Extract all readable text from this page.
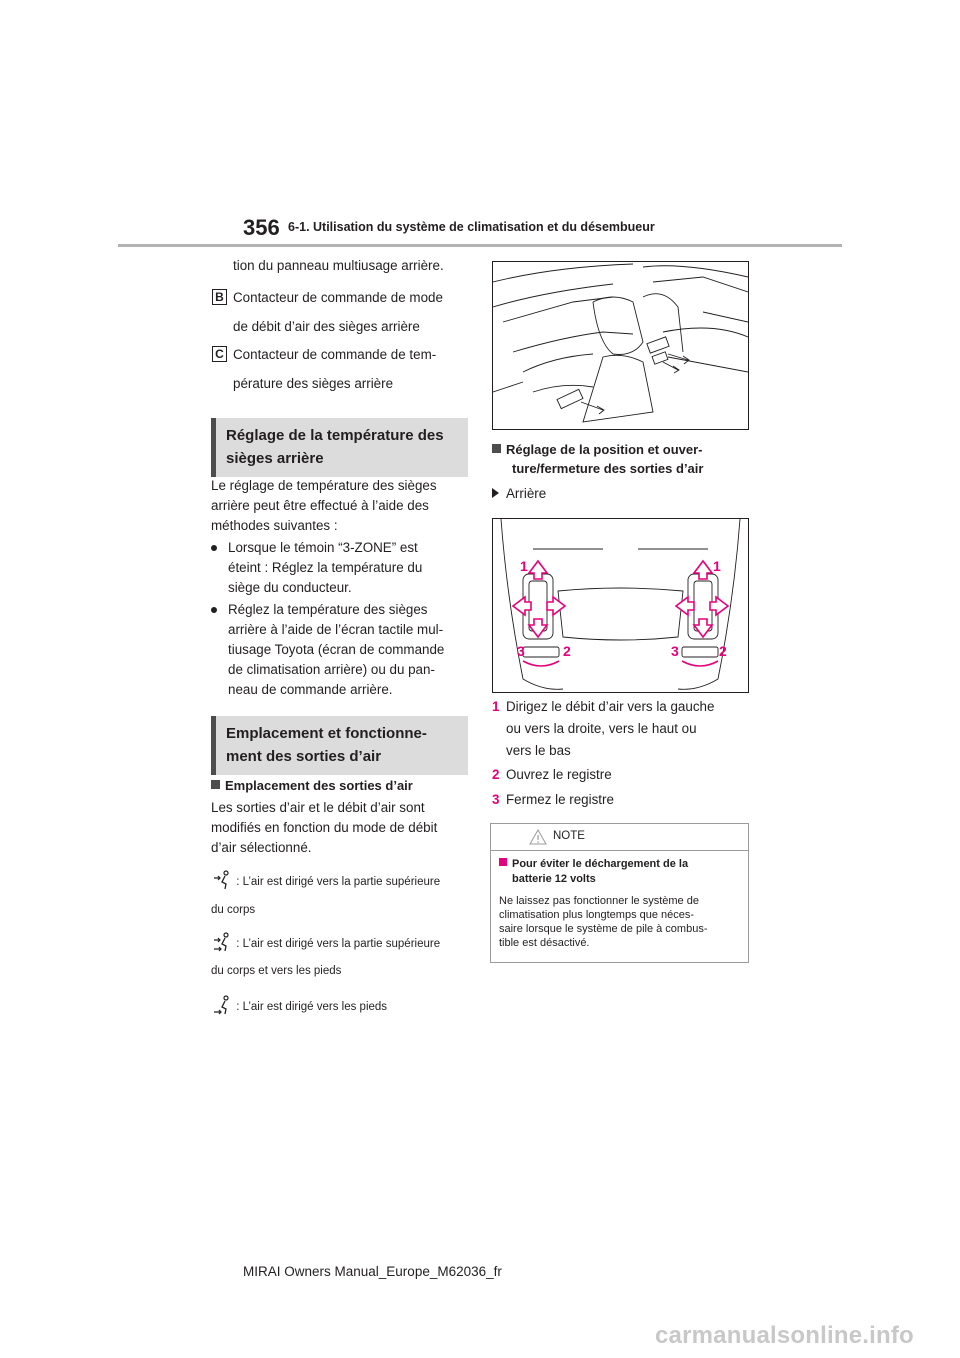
356 6-1. Utilisation du système de climatisation et du désembueur
tion du panneau multiusage arrière.
B Contacteur de commande de mode
de débit d’air des sièges arrière
C Contacteur de commande de tem-
pérature des sièges arrière
Réglage de la température des
sièges arrière
Le réglage de température des sièges
arrière peut être effectué à l’aide des
méthodes suivantes :
Lorsque le témoin “3-ZONE” est
éteint : Réglez la température du
siège du conducteur.
Réglez la température des sièges
arrière à l’aide de l’écran tactile mul-
tiusage Toyota (écran de commande
de climatisation arrière) ou du pan-
neau de commande arrière.
Emplacement et fonctionne-
ment des sorties d’air
Emplacement des sorties d’air
Les sorties d’air et le débit d’air sont
modifiés en fonction du mode de débit
d’air sélectionné.
: L’air est dirigé vers la partie supérieure
du corps
: L’air est dirigé vers la partie supérieure
du corps et vers les pieds
: L’air est dirigé vers les pieds
Réglage de la position et ouver-
ture/fermeture des sorties d’air
Arrière
1	1
2	2
3	3
1 Dirigez le débit d’air vers la gauche
ou vers la droite, vers le haut ou
vers le bas
2 Ouvrez le registre
3 Fermez le registre
NOTE
Pour éviter le déchargement de la
batterie 12 volts
Ne laissez pas fonctionner le système de
climatisation plus longtemps que néces-
saire lorsque le système de pile à combus-
tible est désactivé.
MIRAI Owners Manual_Europe_M62036_fr
carmanualsonline.info
